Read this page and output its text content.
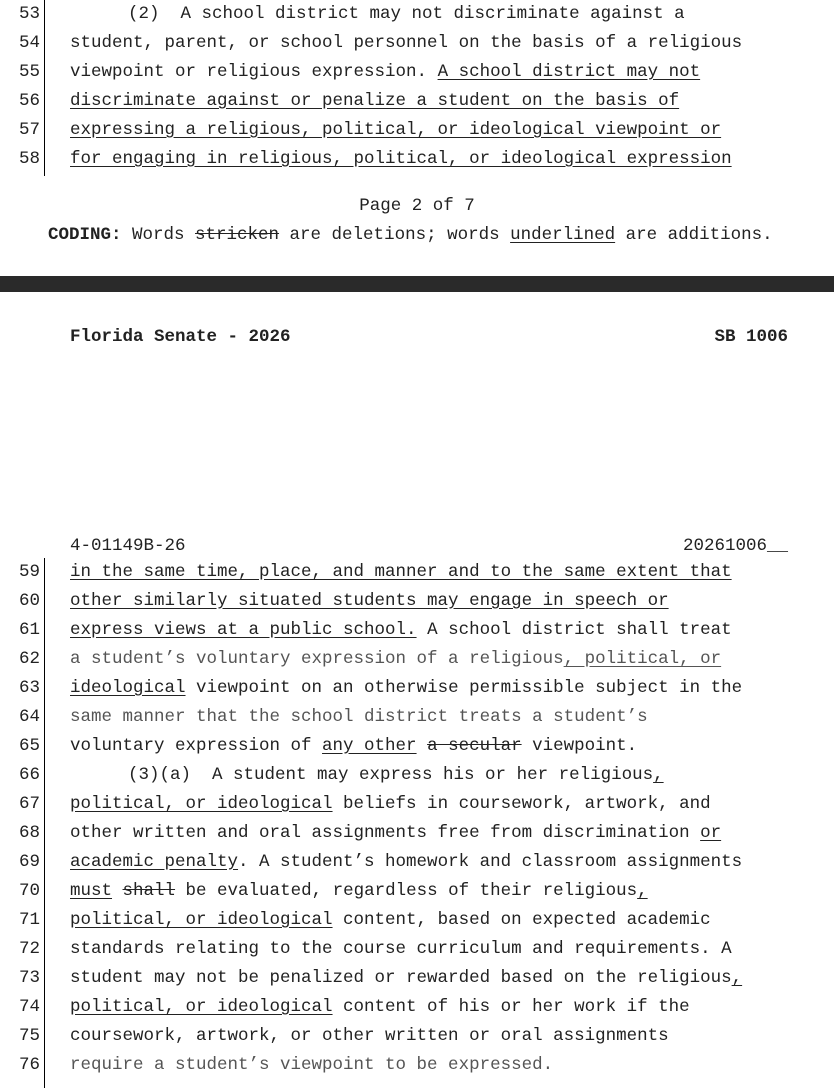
53	(2)  A school district may not discriminate against a
54 student, parent, or school personnel on the basis of a religious
55 viewpoint or religious expression. A school district may not
56 discriminate against or penalize a student on the basis of
57 expressing a religious, political, or ideological viewpoint or
58 for engaging in religious, political, or ideological expression
Page 2 of 7
CODING: Words stricken are deletions; words underlined are additions.
Florida Senate - 2026	SB 1006
4-01149B-26	20261006__
59 in the same time, place, and manner and to the same extent that
60 other similarly situated students may engage in speech or
61 express views at a public school. A school district shall treat
62 a student’s voluntary expression of a religious, political, or
63 ideological viewpoint on an otherwise permissible subject in the
64 same manner that the school district treats a student’s
65 voluntary expression of any other a secular viewpoint.
66	(3)(a)  A student may express his or her religious,
67 political, or ideological beliefs in coursework, artwork, and
68 other written and oral assignments free from discrimination or
69 academic penalty. A student’s homework and classroom assignments
70 must shall be evaluated, regardless of their religious,
71 political, or ideological content, based on expected academic
72 standards relating to the course curriculum and requirements. A
73 student may not be penalized or rewarded based on the religious,
74 political, or ideological content of his or her work if the
75 coursework, artwork, or other written or oral assignments
76 require a student’s viewpoint to be expressed.
